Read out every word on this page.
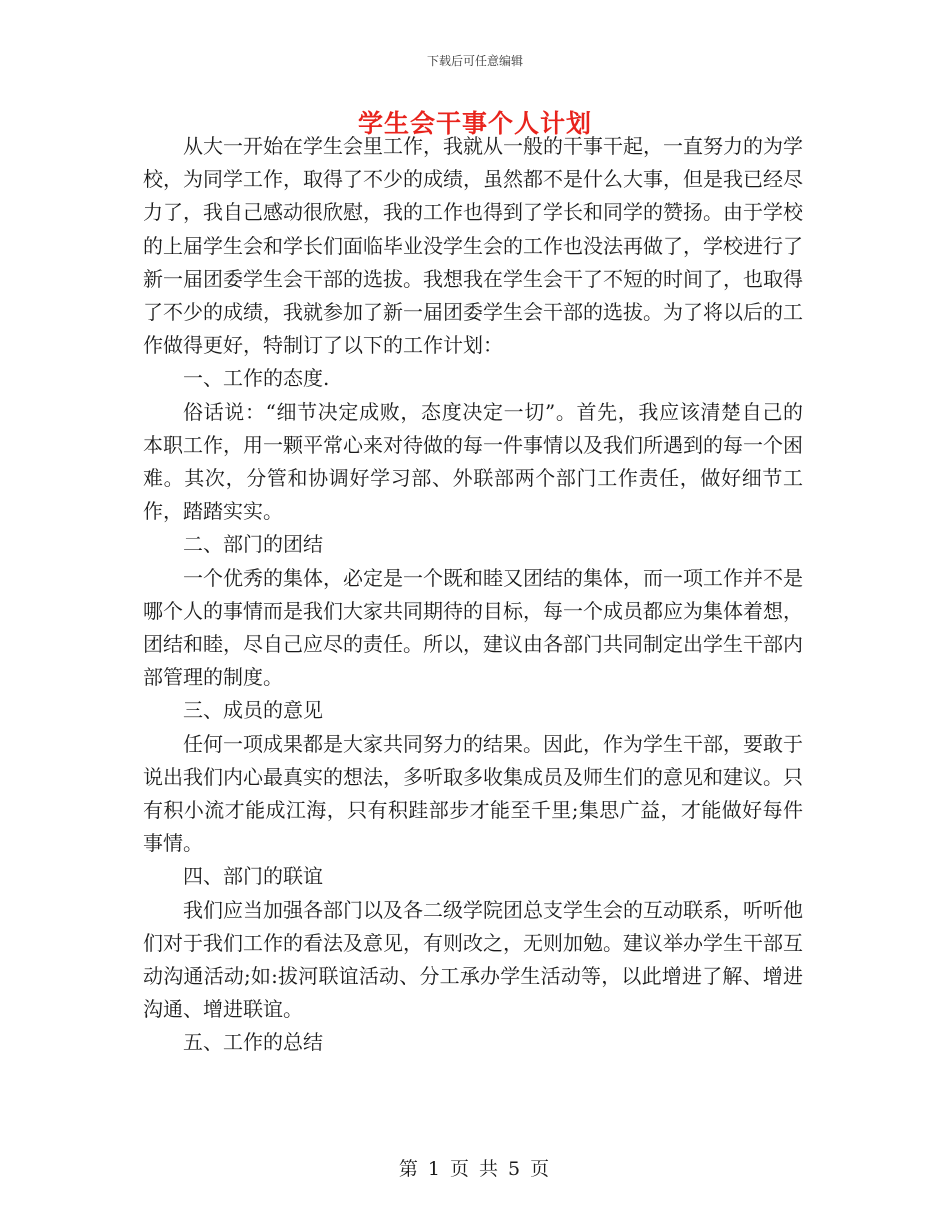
下载后可任意编辑
学生会干事个人计划

从大一开始在学生会里工作，我就从一般的干事干起，一直努力的为学校，为同学工作，取得了不少的成绩，虽然都不是什么大事，但是我已经尽力了，我自己感动很欣慰，我的工作也得到了学长和同学的赞扬。由于学校的上届学生会和学长们面临毕业没学生会的工作也没法再做了，学校进行了新一届团委学生会干部的选拔。我想我在学生会干了不短的时间了，也取得了不少的成绩，我就参加了新一届团委学生会干部的选拔。为了将以后的工作做得更好，特制订了以下的工作计划：

一、工作的态度.

俗话说：“细节决定成败，态度决定一切”。首先，我应该清楚自己的本职工作，用一颗平常心来对待做的每一件事情以及我们所遇到的每一个困难。其次，分管和协调好学习部、外联部两个部门工作责任，做好细节工作，踏踏实实。

二、部门的团结

一个优秀的集体，必定是一个既和睦又团结的集体，而一项工作并不是哪个人的事情而是我们大家共同期待的目标，每一个成员都应为集体着想，团结和睦，尽自己应尽的责任。所以，建议由各部门共同制定出学生干部内部管理的制度。

三、成员的意见

任何一项成果都是大家共同努力的结果。因此，作为学生干部，要敢于说出我们内心最真实的想法，多听取多收集成员及师生们的意见和建议。只有积小流才能成江海，只有积跬部步才能至千里;集思广益，才能做好每件事情。

四、部门的联谊

我们应当加强各部门以及各二级学院团总支学生会的互动联系，听听他们对于我们工作的看法及意见，有则改之，无则加勉。建议举办学生干部互动沟通活动;如:拔河联谊活动、分工承办学生活动等，以此增进了解、增进沟通、增进联谊。

五、工作的总结

第 1 页 共 5 页
